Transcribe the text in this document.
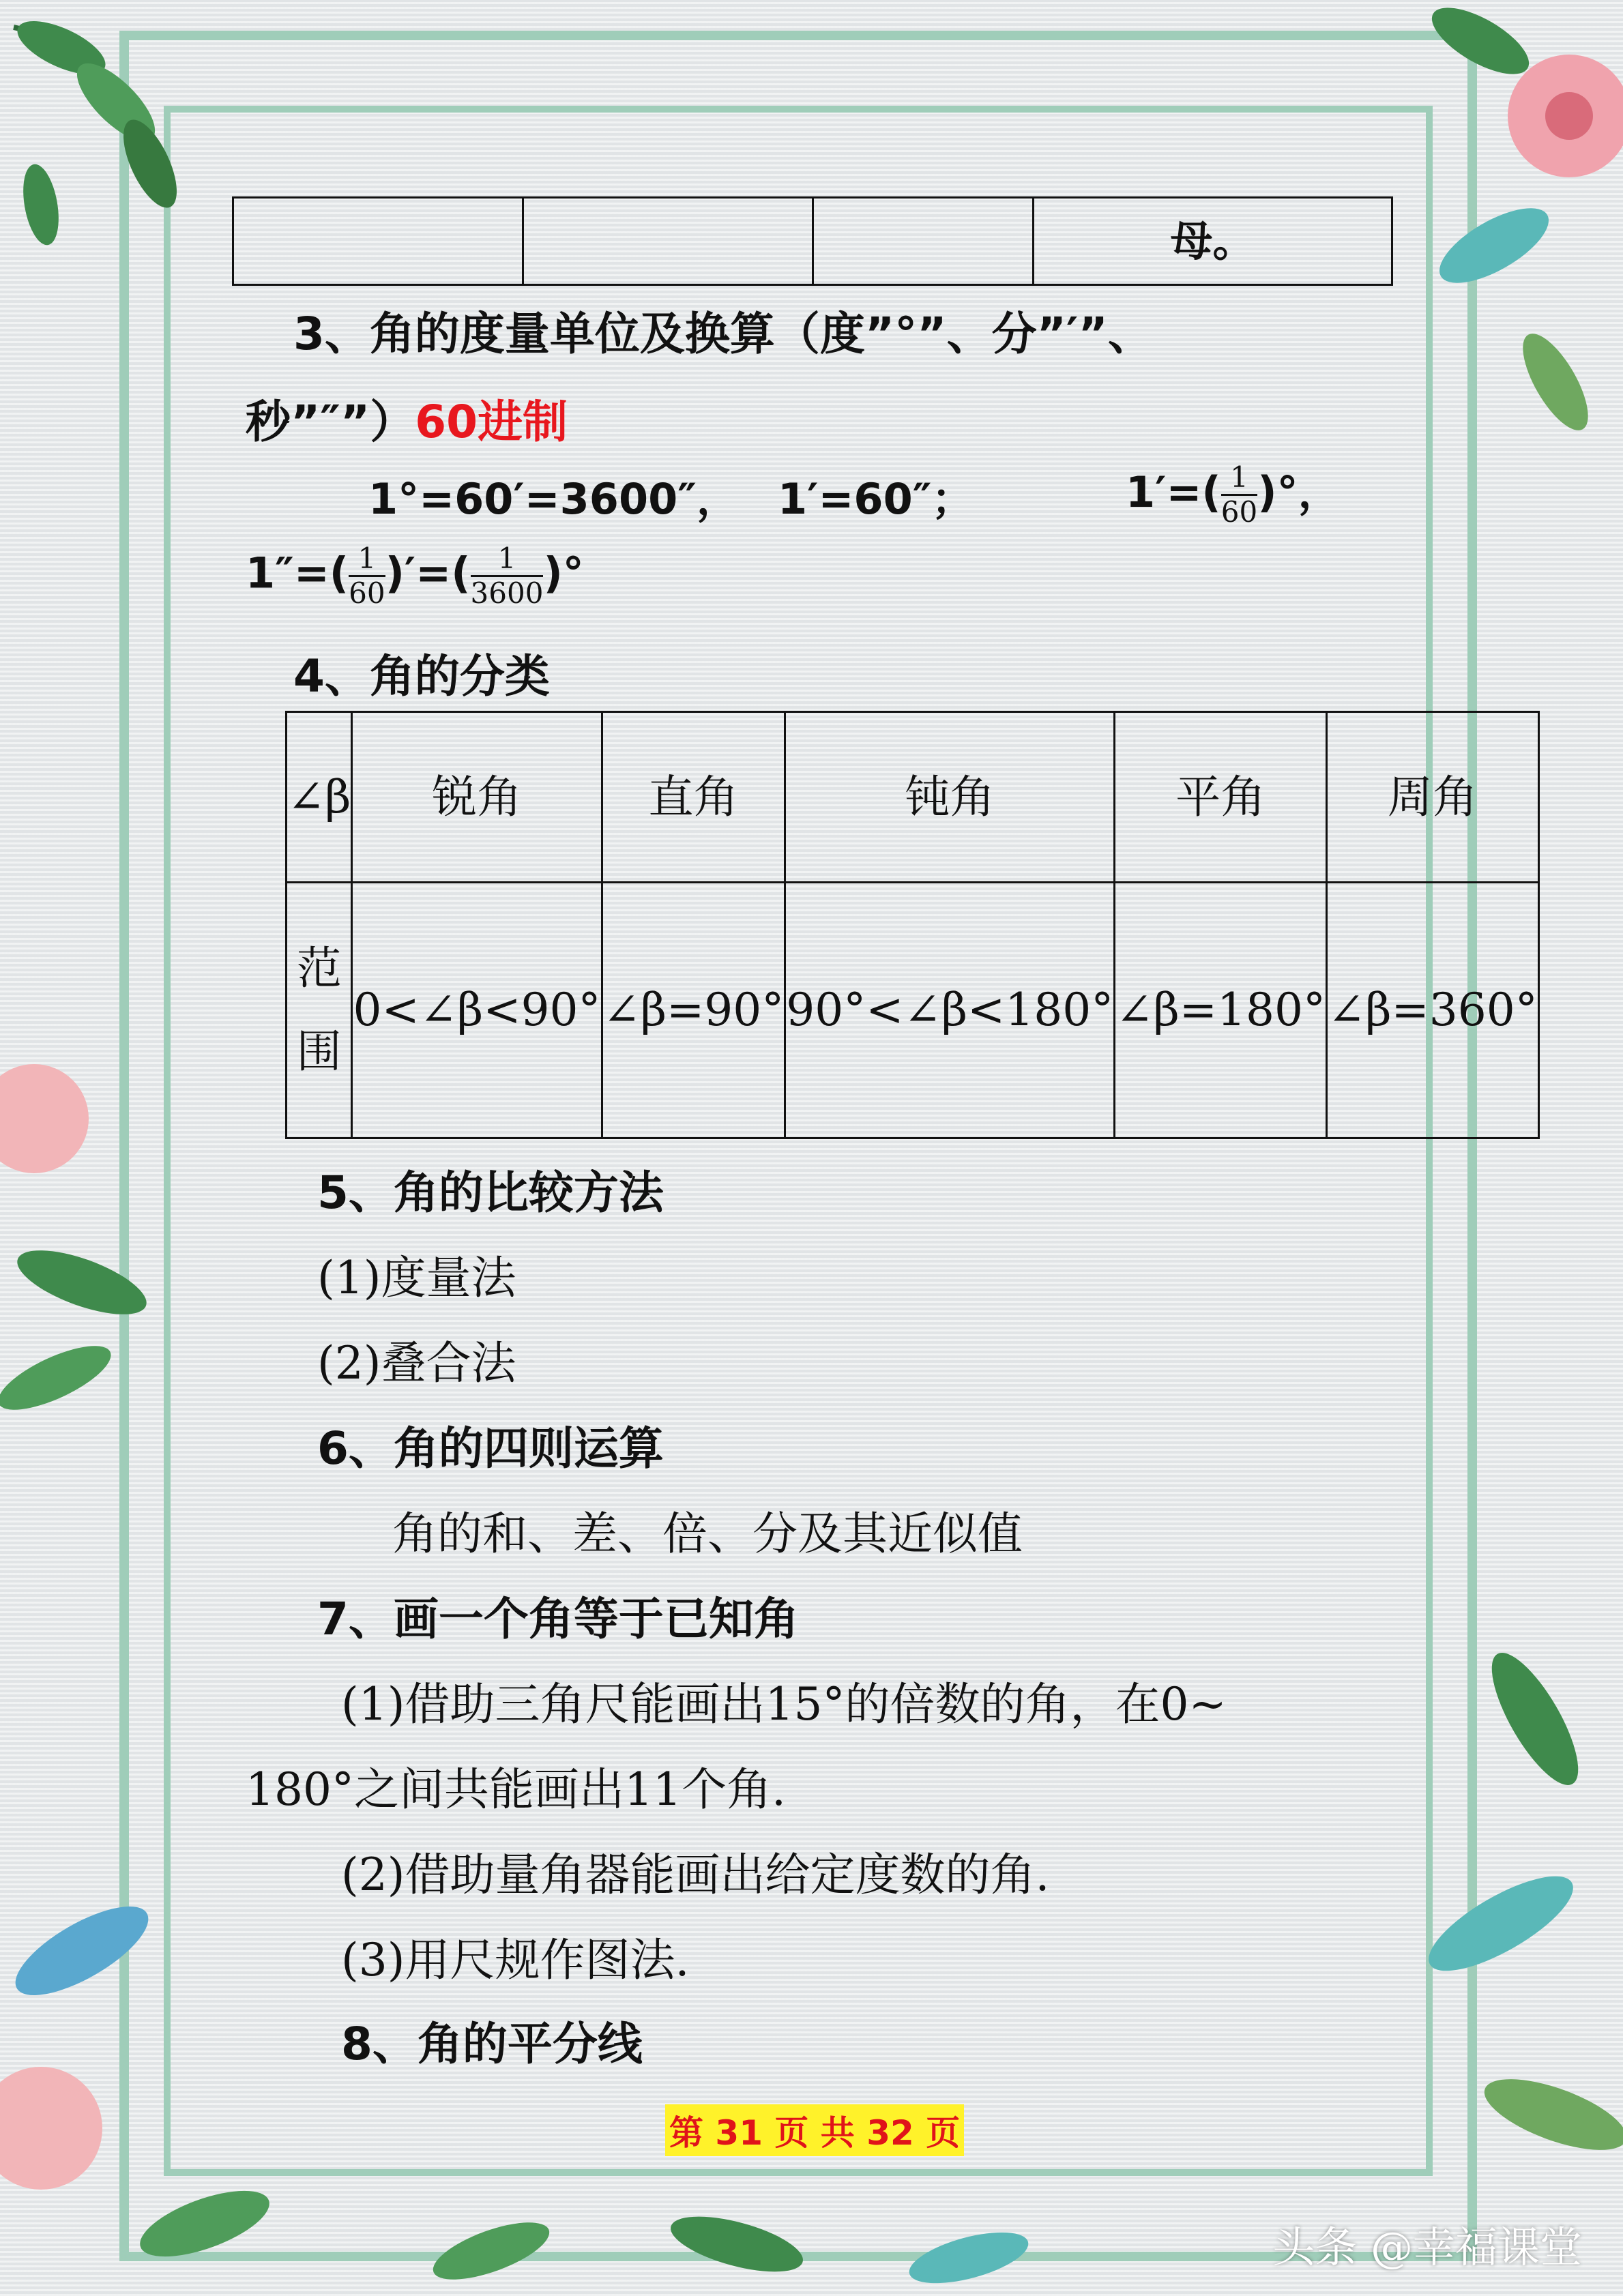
			母。
3、角的度量单位及换算（度”°”、分”′”、
秒”″”）60进制
1°=60′=3600″， 1′=60″；	$1'=( \frac{1}{60}$ )°，
$1''=( \frac{1}{60}$ )′=( $\frac{1}{3600}$ )°
4、角的分类
∠β	锐角	直角	钝角	平角	周角
范围	0<∠β<90°	∠β=90°	90°<∠β<180°	∠β=180°	∠β=360°
5、角的比较方法
(1)度量法
(2)叠合法
6、角的四则运算
角的和、差、倍、分及其近似值
7、画一个角等于已知角
(1)借助三角尺能画出15°的倍数的角，在0~
180°之间共能画出11个角.
(2)借助量角器能画出给定度数的角.
(3)用尺规作图法.
8、角的平分线
第 31 页 共 32 页
头条 @幸福课堂
